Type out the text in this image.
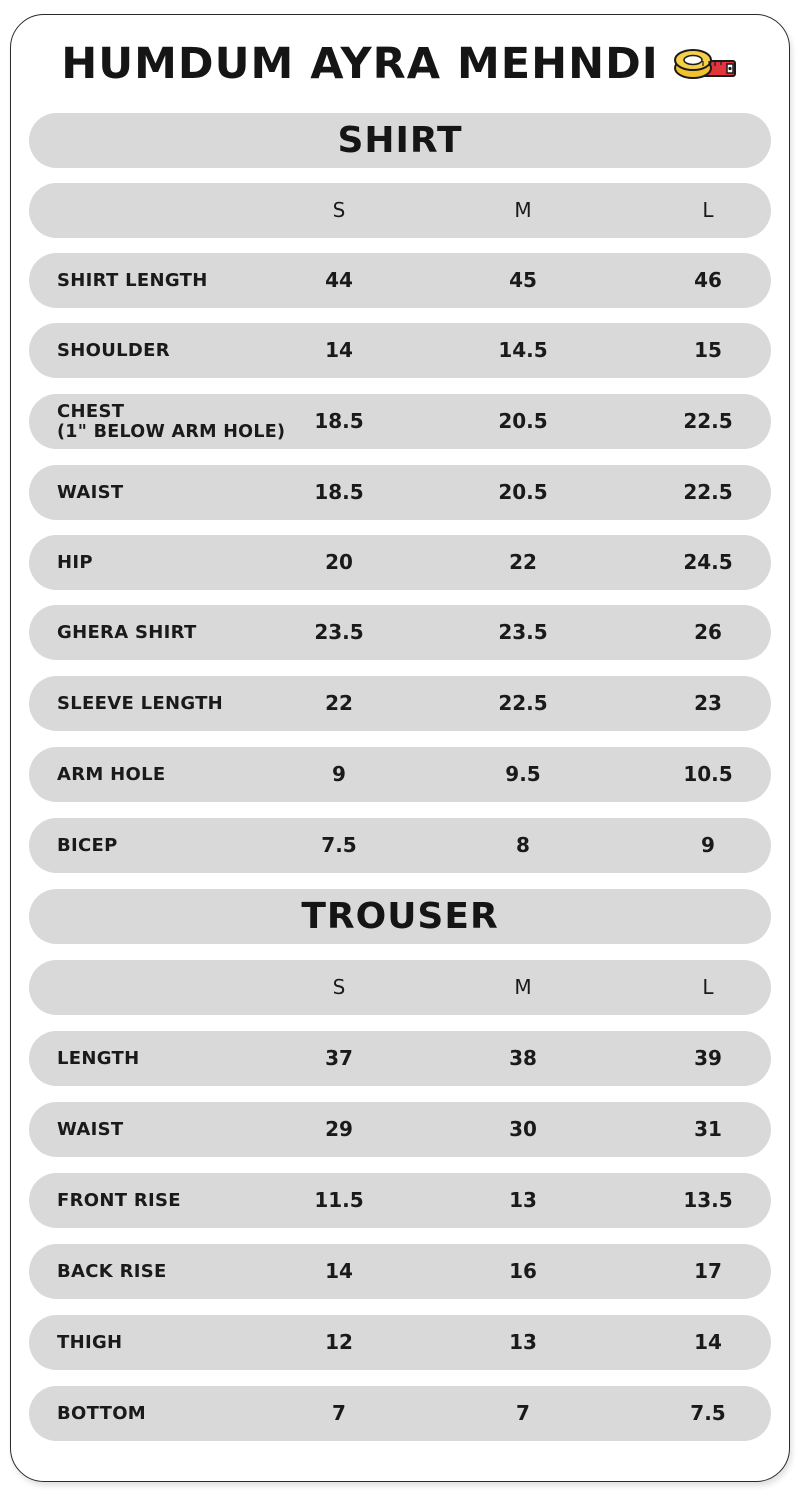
HUMDUM AYRA MEHNDI
SHIRT
S	M	L
SHIRT LENGTH	44	45	46
SHOULDER	14	14.5	15
CHEST
(1" BELOW ARM HOLE)	18.5	20.5	22.5
WAIST	18.5	20.5	22.5
HIP	20	22	24.5
GHERA SHIRT	23.5	23.5	26
SLEEVE LENGTH	22	22.5	23
ARM HOLE	9	9.5	10.5
BICEP	7.5	8	9
TROUSER
S	M	L
LENGTH	37	38	39
WAIST	29	30	31
FRONT RISE	11.5	13	13.5
BACK RISE	14	16	17
THIGH	12	13	14
BOTTOM	7	7	7.5
